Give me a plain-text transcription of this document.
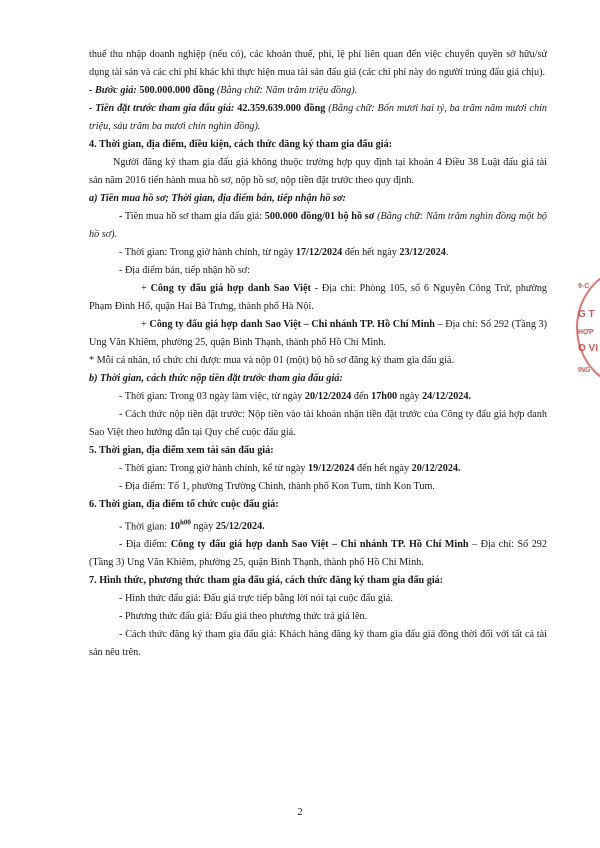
thuế thu nhập doanh nghiệp (nếu có), các khoản thuế, phí, lệ phí liên quan đến việc chuyển quyền sở hữu/sử dụng tài sản và các chi phí khác khi thực hiện mua tài sản đấu giá (các chi phí này do người trúng đấu giá chịu).

- Bước giá: 500.000.000 đồng (Bằng chữ: Năm trăm triệu đồng).

- Tiền đặt trước tham gia đấu giá: 42.359.639.000 đồng (Bằng chữ: Bốn mươi hai tỷ, ba trăm năm mươi chín triệu, sáu trăm ba mươi chín nghìn đồng).

4. Thời gian, địa điểm, điều kiện, cách thức đăng ký tham gia đấu giá:

Người đăng ký tham gia đấu giá không thuộc trường hợp quy định tại khoản 4 Điều 38 Luật đấu giá tài sản năm 2016 tiến hành mua hồ sơ, nộp hồ sơ, nộp tiền đặt trước theo quy định.

a) Tiền mua hồ sơ; Thời gian, địa điểm bán, tiếp nhận hồ sơ:

- Tiền mua hồ sơ tham gia đấu giá: 500.000 đồng/01 bộ hồ sơ (Bằng chữ: Năm trăm nghìn đồng một bộ hồ sơ).

- Thời gian: Trong giờ hành chính, từ ngày 17/12/2024 đến hết ngày 23/12/2024.

- Địa điểm bán, tiếp nhận hồ sơ:

+ Công ty đấu giá hợp danh Sao Việt - Địa chỉ: Phòng 105, số 6 Nguyễn Công Trứ, phường Phạm Đình Hổ, quận Hai Bà Trưng, thành phố Hà Nội.

+ Công ty đấu giá hợp danh Sao Việt – Chi nhánh TP. Hồ Chí Minh – Địa chỉ: Số 292 (Tầng 3) Ung Văn Khiêm, phường 25, quận Bình Thạnh, thành phố Hồ Chí Minh.

* Mỗi cá nhân, tổ chức chỉ được mua và nộp 01 (một) bộ hồ sơ đăng ký tham gia đấu giá.

b) Thời gian, cách thức nộp tiền đặt trước tham gia đấu giá:

- Thời gian: Trong 03 ngày làm việc, từ ngày 20/12/2024 đến 17h00 ngày 24/12/2024.

- Cách thức nộp tiền đặt trước: Nộp tiền vào tài khoản nhận tiền đặt trước của Công ty đấu giá hợp danh Sao Việt theo hướng dẫn tại Quy chế cuộc đấu giá.

5. Thời gian, địa điểm xem tài sản đấu giá:

- Thời gian: Trong giờ hành chính, kể từ ngày 19/12/2024 đến hết ngày 20/12/2024.

- Địa điểm: Tổ 1, phường Trường Chinh, thành phố Kon Tum, tỉnh Kon Tum.

6. Thời gian, địa điểm tổ chức cuộc đấu giá:

- Thời gian: $10^{h00}$ ngày 25/12/2024.

- Địa điểm: Công ty đấu giá hợp danh Sao Việt – Chi nhánh TP. Hồ Chí Minh – Địa chỉ: Số 292 (Tầng 3) Ung Văn Khiêm, phường 25, quận Bình Thạnh, thành phố Hồ Chí Minh.

7. Hình thức, phương thức tham gia đấu giá, cách thức đăng ký tham gia đấu giá:

- Hình thức đấu giá: Đấu giá trực tiếp bằng lời nói tại cuộc đấu giá.

- Phương thức đấu giá: Đấu giá theo phương thức trả giá lên.

- Cách thức đăng ký tham gia đấu giá: Khách hàng đăng ký tham gia đấu giá đồng thời đối với tất cả tài sản nêu trên.

9-C
G T
HỢP
O VI
ING
2
